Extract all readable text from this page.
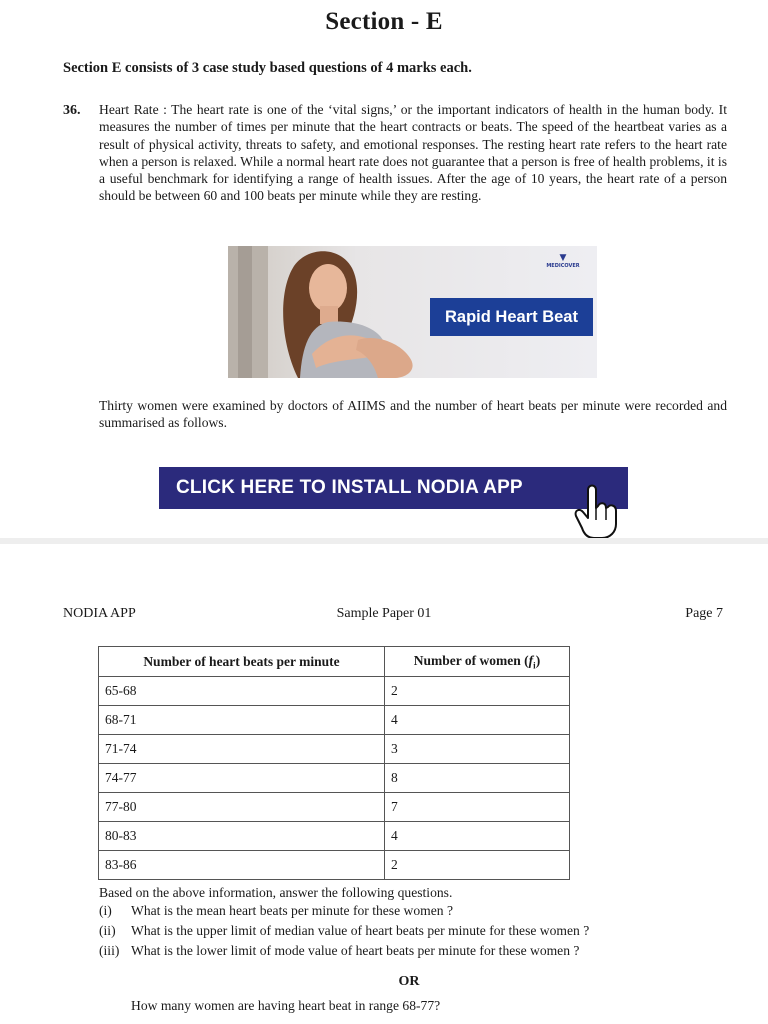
Section - E
Section E consists of 3 case study based questions of 4 marks each.
36. Heart Rate : The heart rate is one of the ‘vital signs,’ or the important indicators of health in the human body. It measures the number of times per minute that the heart contracts or beats. The speed of the heartbeat varies as a result of physical activity, threats to safety, and emotional responses. The resting heart rate refers to the heart rate when a person is relaxed. While a normal heart rate does not guarantee that a person is free of health problems, it is a useful benchmark for identifying a range of health issues. After the age of 10 years, the heart rate of a person should be between 60 and 100 beats per minute while they are resting.
▼
MEDICOVER
Rapid Heart Beat
Thirty women were examined by doctors of AIIMS and the number of heart beats per minute were recorded and summarised as follows.
CLICK HERE TO INSTALL NODIA APP
NODIA APP	Sample Paper 01	Page 7
Number of heart beats per minute	Number of women $(f_i)$
65-68	2
68-71	4
71-74	3
74-77	8
77-80	7
80-83	4
83-86	2
Based on the above information, answer the following questions.
(i)	What is the mean heart beats per minute for these women ?
(ii)	What is the upper limit of median value of heart beats per minute for these women ?
(iii) What is the lower limit of mode value of heart beats per minute for these women ?
OR
How many women are having heart beat in range 68-77?
